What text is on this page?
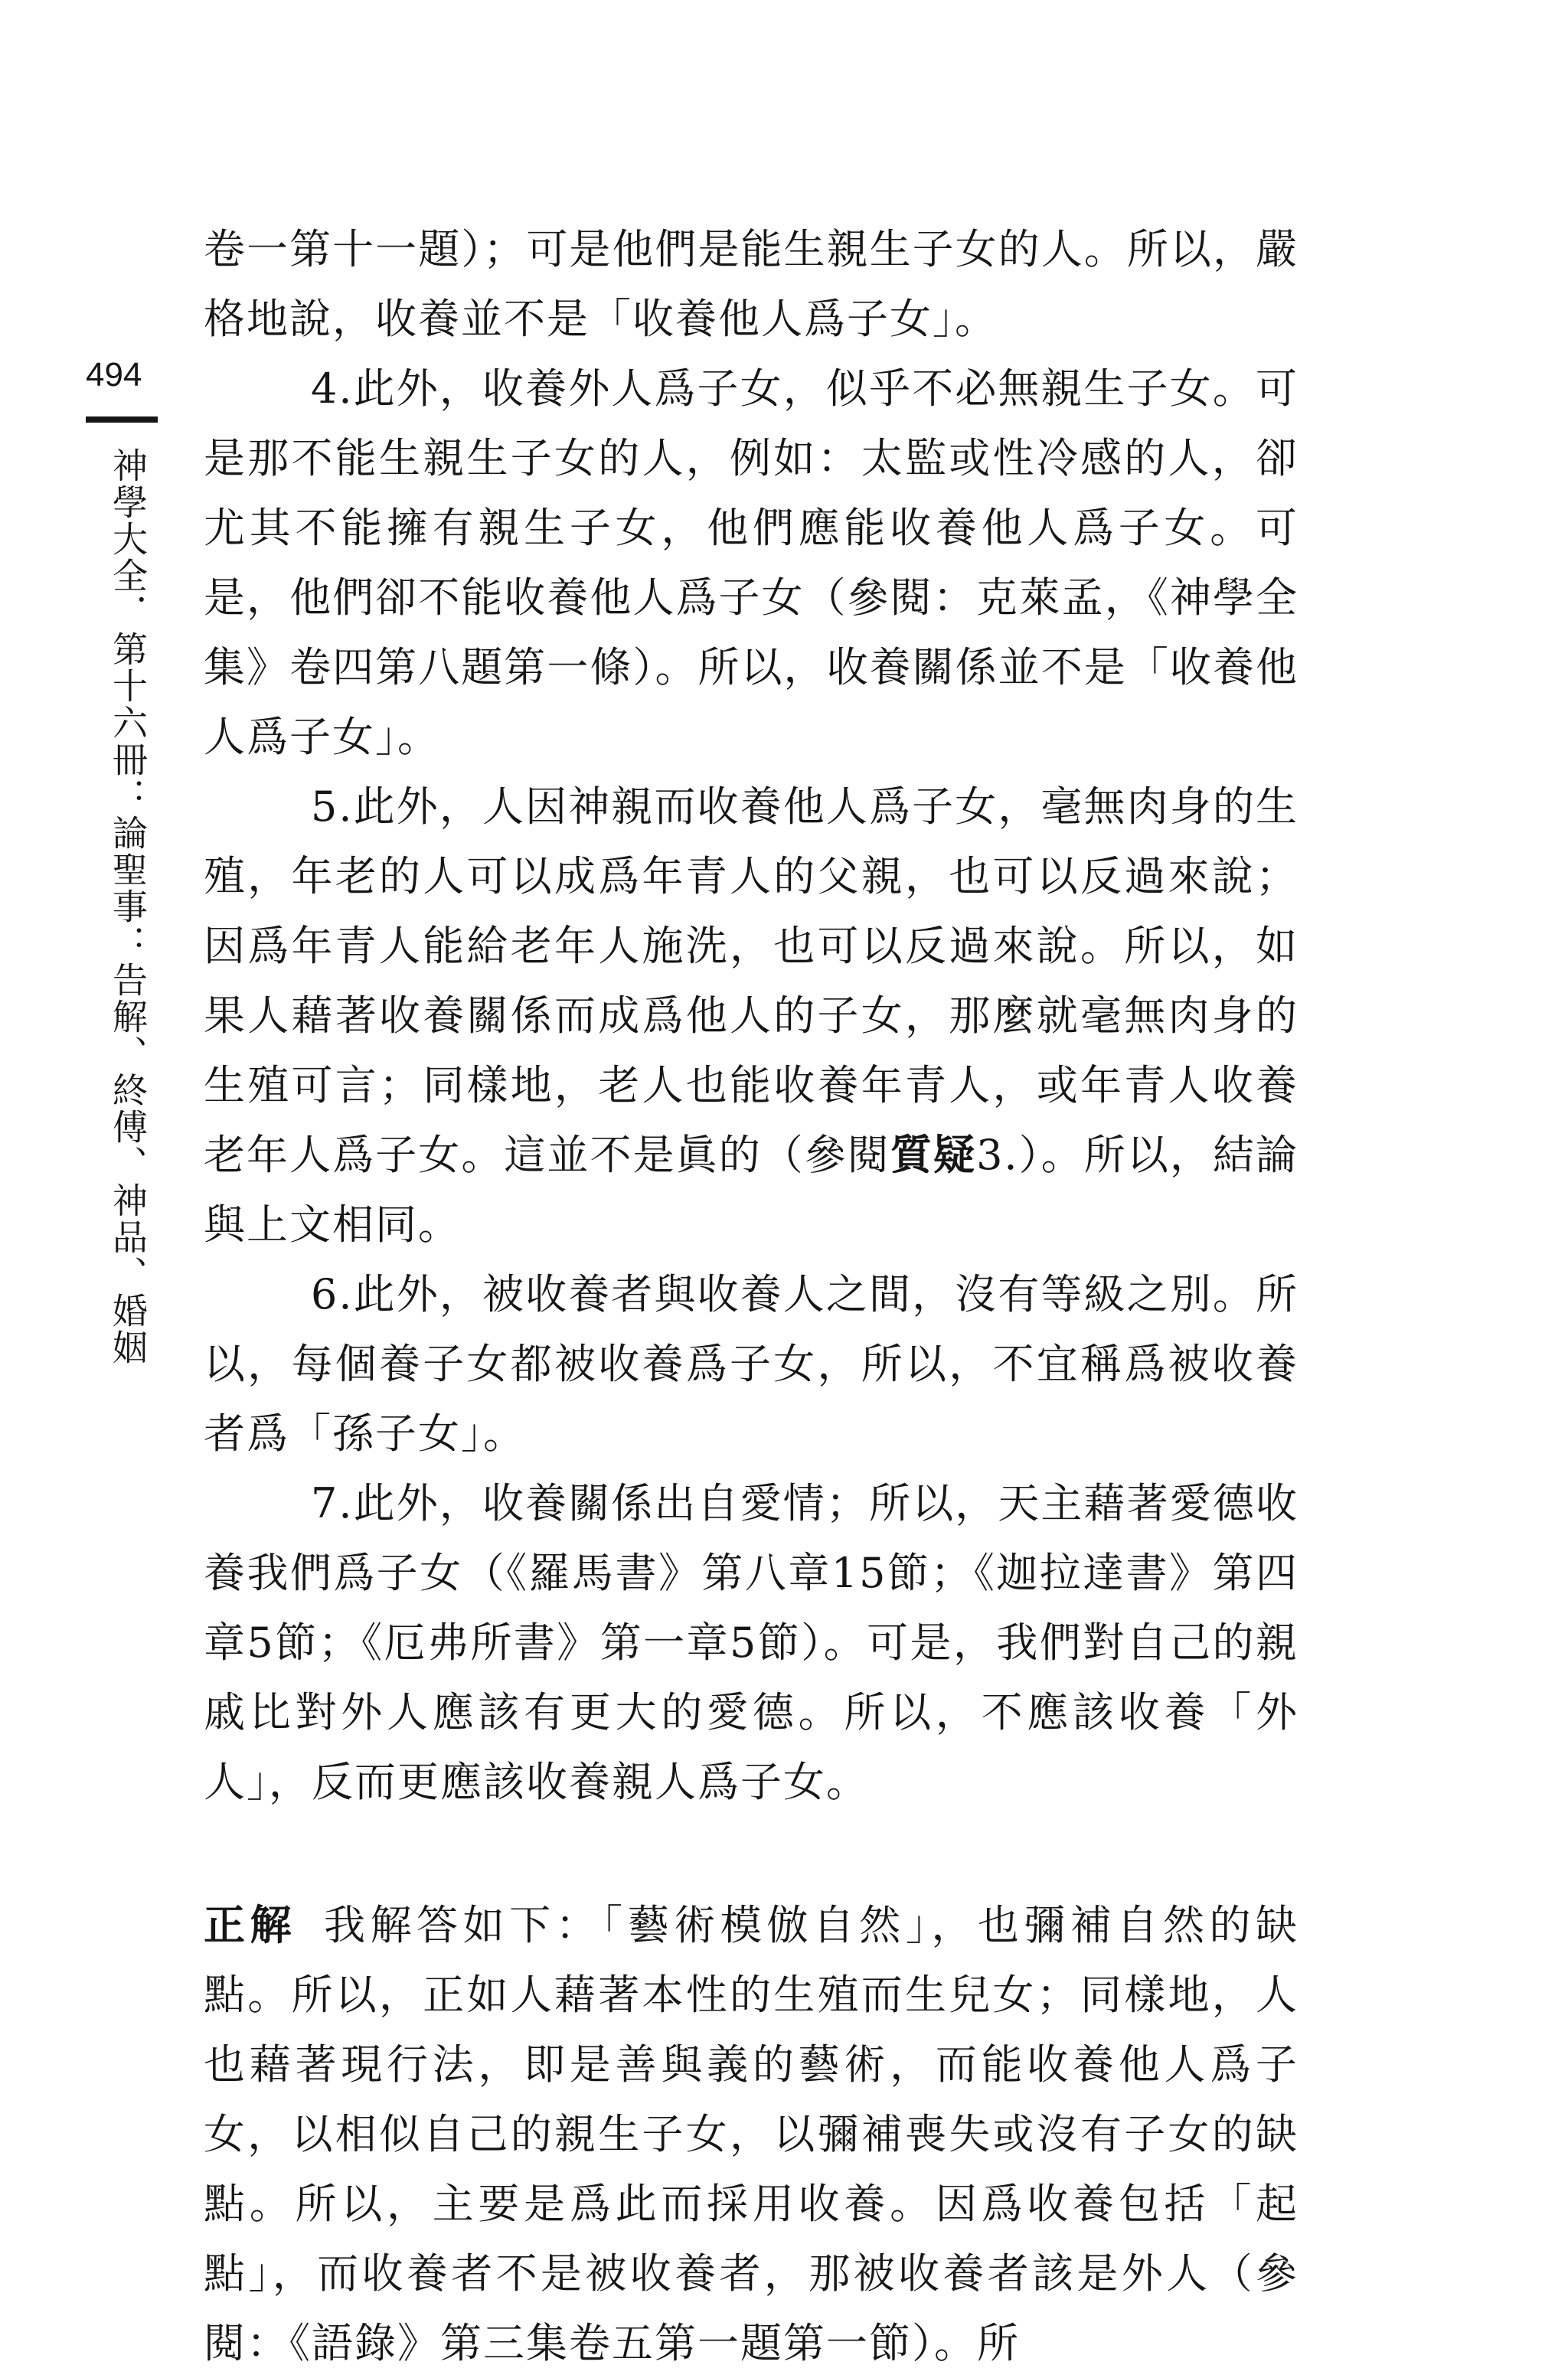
494
神學大全．第十六冊：論聖事：告解、終傅、神品、婚姻

卷一第十一題）；可是他們是能生親生子女的人。所以，嚴格地說，收養並不是「收養他人爲子女」。

4.此外，收養外人爲子女，似乎不必無親生子女。可是那不能生親生子女的人，例如：太監或性冷感的人，卻尤其不能擁有親生子女，他們應能收養他人爲子女。可是，他們卻不能收養他人爲子女（參閱：克萊孟，《神學全集》卷四第八題第一條）。所以，收養關係並不是「收養他人爲子女」。

5.此外，人因神親而收養他人爲子女，毫無肉身的生殖，年老的人可以成爲年青人的父親，也可以反過來說；因爲年青人能給老年人施洗，也可以反過來說。所以，如果人藉著收養關係而成爲他人的子女，那麼就毫無肉身的生殖可言；同樣地，老人也能收養年青人，或年青人收養老年人爲子女。這並不是眞的（參閱質疑3.）。所以，結論與上文相同。

6.此外，被收養者與收養人之間，沒有等級之別。所以，每個養子女都被收養爲子女，所以，不宜稱爲被收養者爲「孫子女」。

7.此外，收養關係出自愛情；所以，天主藉著愛德收養我們爲子女（《羅馬書》第八章15節；《迦拉達書》第四章5節；《厄弗所書》第一章5節）。可是，我們對自己的親戚比對外人應該有更大的愛德。所以，不應該收養「外人」，反而更應該收養親人爲子女。

正解 我解答如下：「藝術模倣自然」，也彌補自然的缺點。所以，正如人藉著本性的生殖而生兒女；同樣地，人也藉著現行法，即是善與義的藝術，而能收養他人爲子女，以相似自己的親生子女，以彌補喪失或沒有子女的缺點。所以，主要是爲此而採用收養。因爲收養包括「起點」，而收養者不是被收養者，那被收養者該是外人（參閱：《語錄》第三集卷五第一題第一節）。所
